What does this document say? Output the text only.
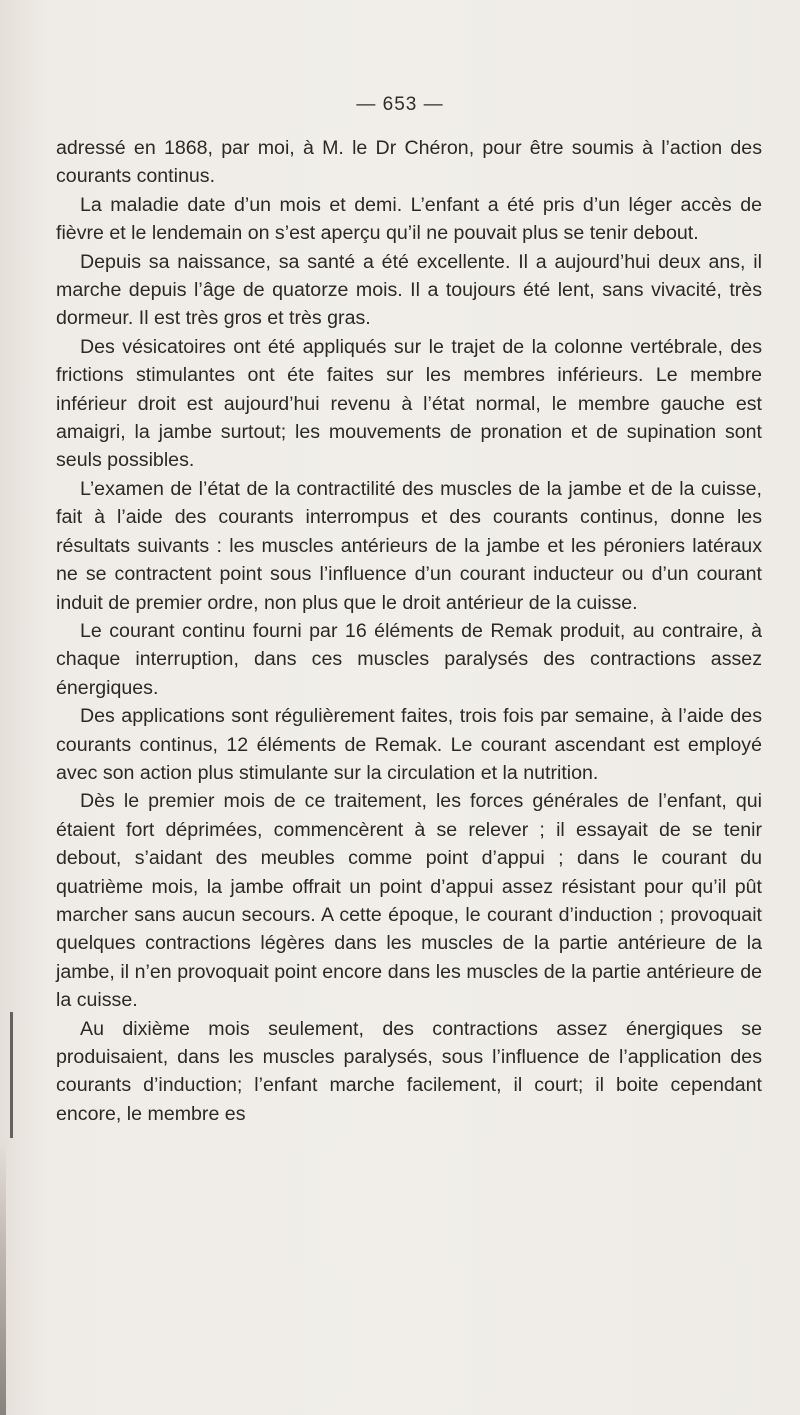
— 653 —

adressé en 1868, par moi, à M. le Dr Chéron, pour être soumis à l’action des courants continus.

La maladie date d’un mois et demi. L’enfant a été pris d’un léger accès de fièvre et le lendemain on s’est aperçu qu’il ne pouvait plus se tenir debout.

Depuis sa naissance, sa santé a été excellente. Il a aujourd’hui deux ans, il marche depuis l’âge de quatorze mois. Il a toujours été lent, sans vivacité, très dormeur. Il est très gros et très gras.

Des vésicatoires ont été appliqués sur le trajet de la colonne vertébrale, des frictions stimulantes ont éte faites sur les membres inférieurs. Le membre inférieur droit est aujourd’hui revenu à l’état normal, le membre gauche est amaigri, la jambe surtout; les mouvements de pronation et de supination sont seuls possibles.

L’examen de l’état de la contractilité des muscles de la jambe et de la cuisse, fait à l’aide des courants interrompus et des courants continus, donne les résultats suivants : les muscles antérieurs de la jambe et les péroniers latéraux ne se contractent point sous l’influence d’un courant inducteur ou d’un courant induit de premier ordre, non plus que le droit antérieur de la cuisse.

Le courant continu fourni par 16 éléments de Remak produit, au contraire, à chaque interruption, dans ces muscles paralysés des contractions assez énergiques.

Des applications sont régulièrement faites, trois fois par semaine, à l’aide des courants continus, 12 éléments de Remak. Le courant ascendant est employé avec son action plus stimulante sur la circulation et la nutrition.

Dès le premier mois de ce traitement, les forces générales de l’enfant, qui étaient fort déprimées, commencèrent à se relever ; il essayait de se tenir debout, s’aidant des meubles comme point d’appui ; dans le courant du quatrième mois, la jambe offrait un point d’appui assez résistant pour qu’il pût marcher sans aucun secours. A cette époque, le courant d’induction ; provoquait quelques contractions légères dans les muscles de la partie antérieure de la jambe, il n’en provoquait point encore dans les muscles de la partie antérieure de la cuisse.

Au dixième mois seulement, des contractions assez énergiques se produisaient, dans les muscles paralysés, sous l’influence de l’application des courants d’induction; l’enfant marche facilement, il court; il boite cependant encore, le membre es
